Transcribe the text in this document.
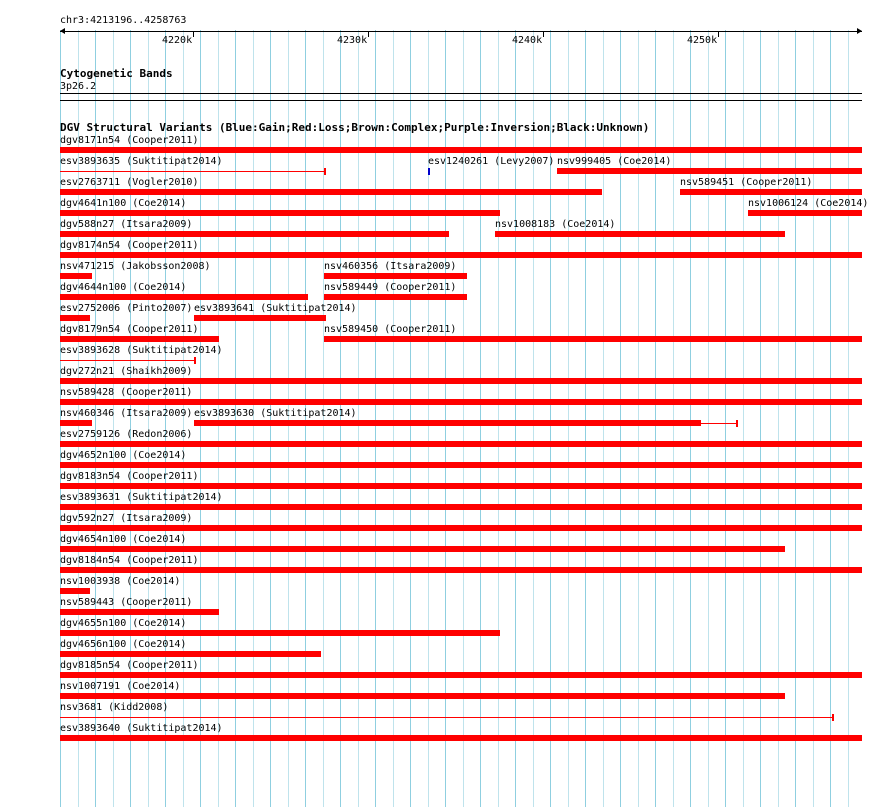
chr3:4213196..4258763
4220k	4230k	4240k	4250k
Cytogenetic Bands
3p26.2
DGV Structural Variants (Blue:Gain;Red:Loss;Brown:Complex;Purple:Inversion;Black:Unknown)
dgv8171n54 (Cooper2011)
esv3893635 (Suktitipat2014)	esv1240261 (Levy2007) nsv999405 (Coe2014)
esv2763711 (Vogler2010)	nsv589451 (Cooper2011)
dgv4641n100 (Coe2014)	nsv1006124 (Coe2014)
dgv588n27 (Itsara2009)	nsv1008183 (Coe2014)
dgv8174n54 (Cooper2011)
nsv471215 (Jakobsson2008)	nsv460356 (Itsara2009)
dgv4644n100 (Coe2014)	nsv589449 (Cooper2011)
esv2752006 (Pinto2007) esv3893641 (Suktitipat2014)
dgv8179n54 (Cooper2011)	nsv589450 (Cooper2011)
esv3893628 (Suktitipat2014)
dgv272n21 (Shaikh2009)
nsv589428 (Cooper2011)
nsv460346 (Itsara2009) esv3893630 (Suktitipat2014)
esv2759126 (Redon2006)
dgv4652n100 (Coe2014)
dgv8183n54 (Cooper2011)
esv3893631 (Suktitipat2014)
dgv592n27 (Itsara2009)
dgv4654n100 (Coe2014)
dgv8184n54 (Cooper2011)
nsv1003938 (Coe2014)
nsv589443 (Cooper2011)
dgv4655n100 (Coe2014)
dgv4656n100 (Coe2014)
dgv8185n54 (Cooper2011)
nsv1007191 (Coe2014)
nsv3681 (Kidd2008)
esv3893640 (Suktitipat2014)
